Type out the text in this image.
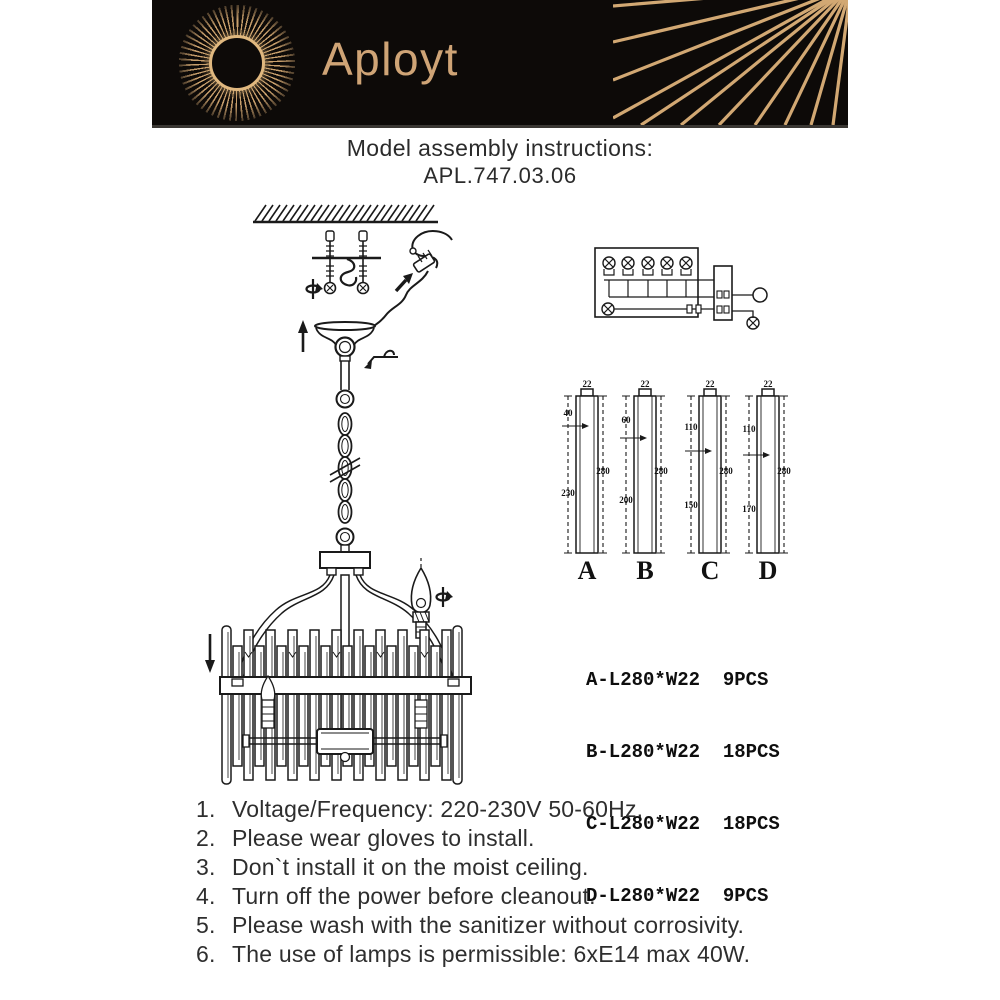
Aployt
Model assembly instructions:
APL.747.03.06
22
40
230
280
A
22
60
200
280
B
22
110
150
280
C
22
110
170
280
D

A-L280*W22  9PCS

B-L280*W22  18PCS

C-L280*W22  18PCS

D-L280*W22  9PCS

1. Voltage/Frequency: 220-230V 50-60Hz.
2. Please wear gloves to install.
3. Don`t install it on the moist ceiling.
4. Turn off the power before cleanout.
5. Please wash with the sanitizer without corrosivity.
6. The use of lamps is permissible: 6xE14 max 40W.
